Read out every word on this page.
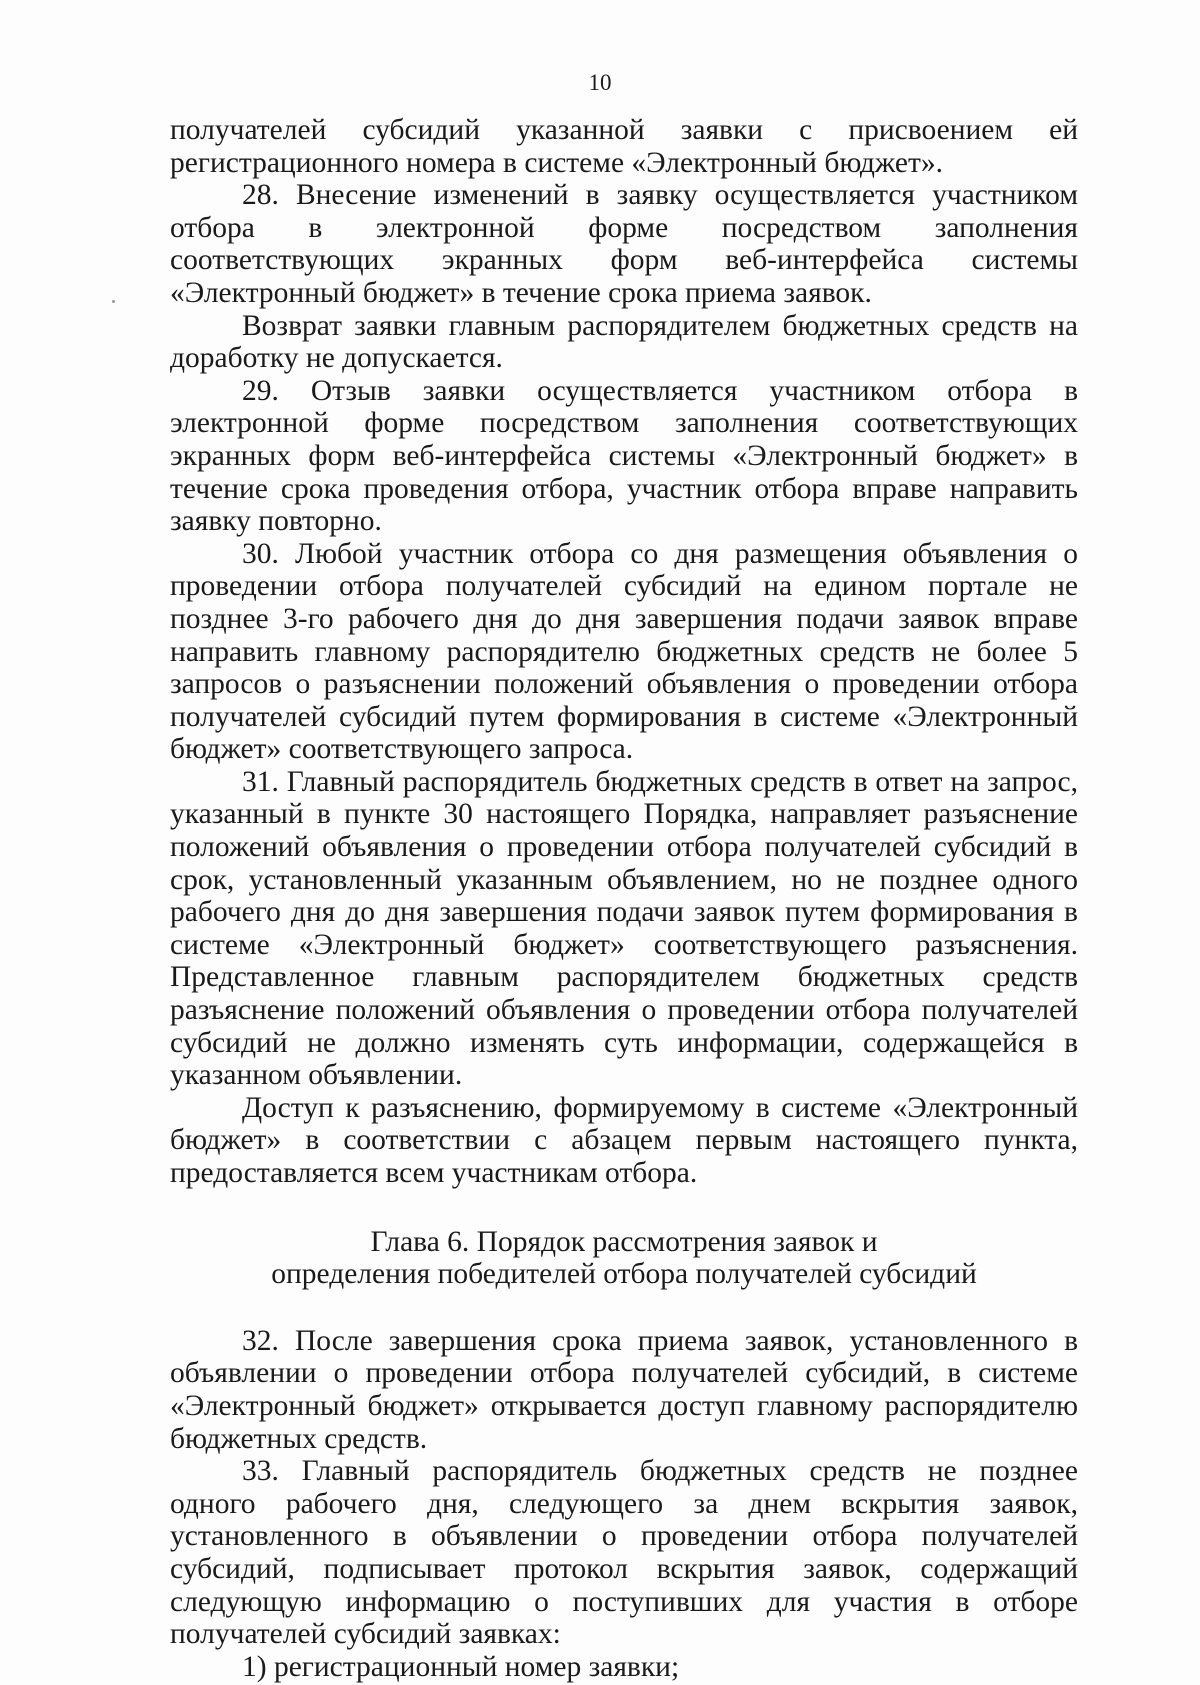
10

получателей субсидий указанной заявки с присвоением ей регистрационного номера в системе «Электронный бюджет».

28. Внесение изменений в заявку осуществляется участником отбора в электронной форме посредством заполнения соответствующих экранных форм веб-интерфейса системы «Электронный бюджет» в течение срока приема заявок.

Возврат заявки главным распорядителем бюджетных средств на доработку не допускается.

29. Отзыв заявки осуществляется участником отбора в электронной форме посредством заполнения соответствующих экранных форм веб-интерфейса системы «Электронный бюджет» в течение срока проведения отбора, участник отбора вправе направить заявку повторно.

30. Любой участник отбора со дня размещения объявления о проведении отбора получателей субсидий на едином портале не позднее 3-го рабочего дня до дня завершения подачи заявок вправе направить главному распорядителю бюджетных средств не более 5 запросов о разъяснении положений объявления о проведении отбора получателей субсидий путем формирования в системе «Электронный бюджет» соответствующего запроса.

31. Главный распорядитель бюджетных средств в ответ на запрос, указанный в пункте 30 настоящего Порядка, направляет разъяснение положений объявления о проведении отбора получателей субсидий в срок, установленный указанным объявлением, но не позднее одного рабочего дня до дня завершения подачи заявок путем формирования в системе «Электронный бюджет» соответствующего разъяснения. Представленное главным распорядителем бюджетных средств разъяснение положений объявления о проведении отбора получателей субсидий не должно изменять суть информации, содержащейся в указанном объявлении.

Доступ к разъяснению, формируемому в системе «Электронный бюджет» в соответствии с абзацем первым настоящего пункта, предоставляется всем участникам отбора.

Глава 6. Порядок рассмотрения заявок и
определения победителей отбора получателей субсидий

32. После завершения срока приема заявок, установленного в объявлении о проведении отбора получателей субсидий, в системе «Электронный бюджет» открывается доступ главному распорядителю бюджетных средств.

33. Главный распорядитель бюджетных средств не позднее одного рабочего дня, следующего за днем вскрытия заявок, установленного в объявлении о проведении отбора получателей субсидий, подписывает протокол вскрытия заявок, содержащий следующую информацию о поступивших для участия в отборе получателей субсидий заявках:

1) регистрационный номер заявки;
